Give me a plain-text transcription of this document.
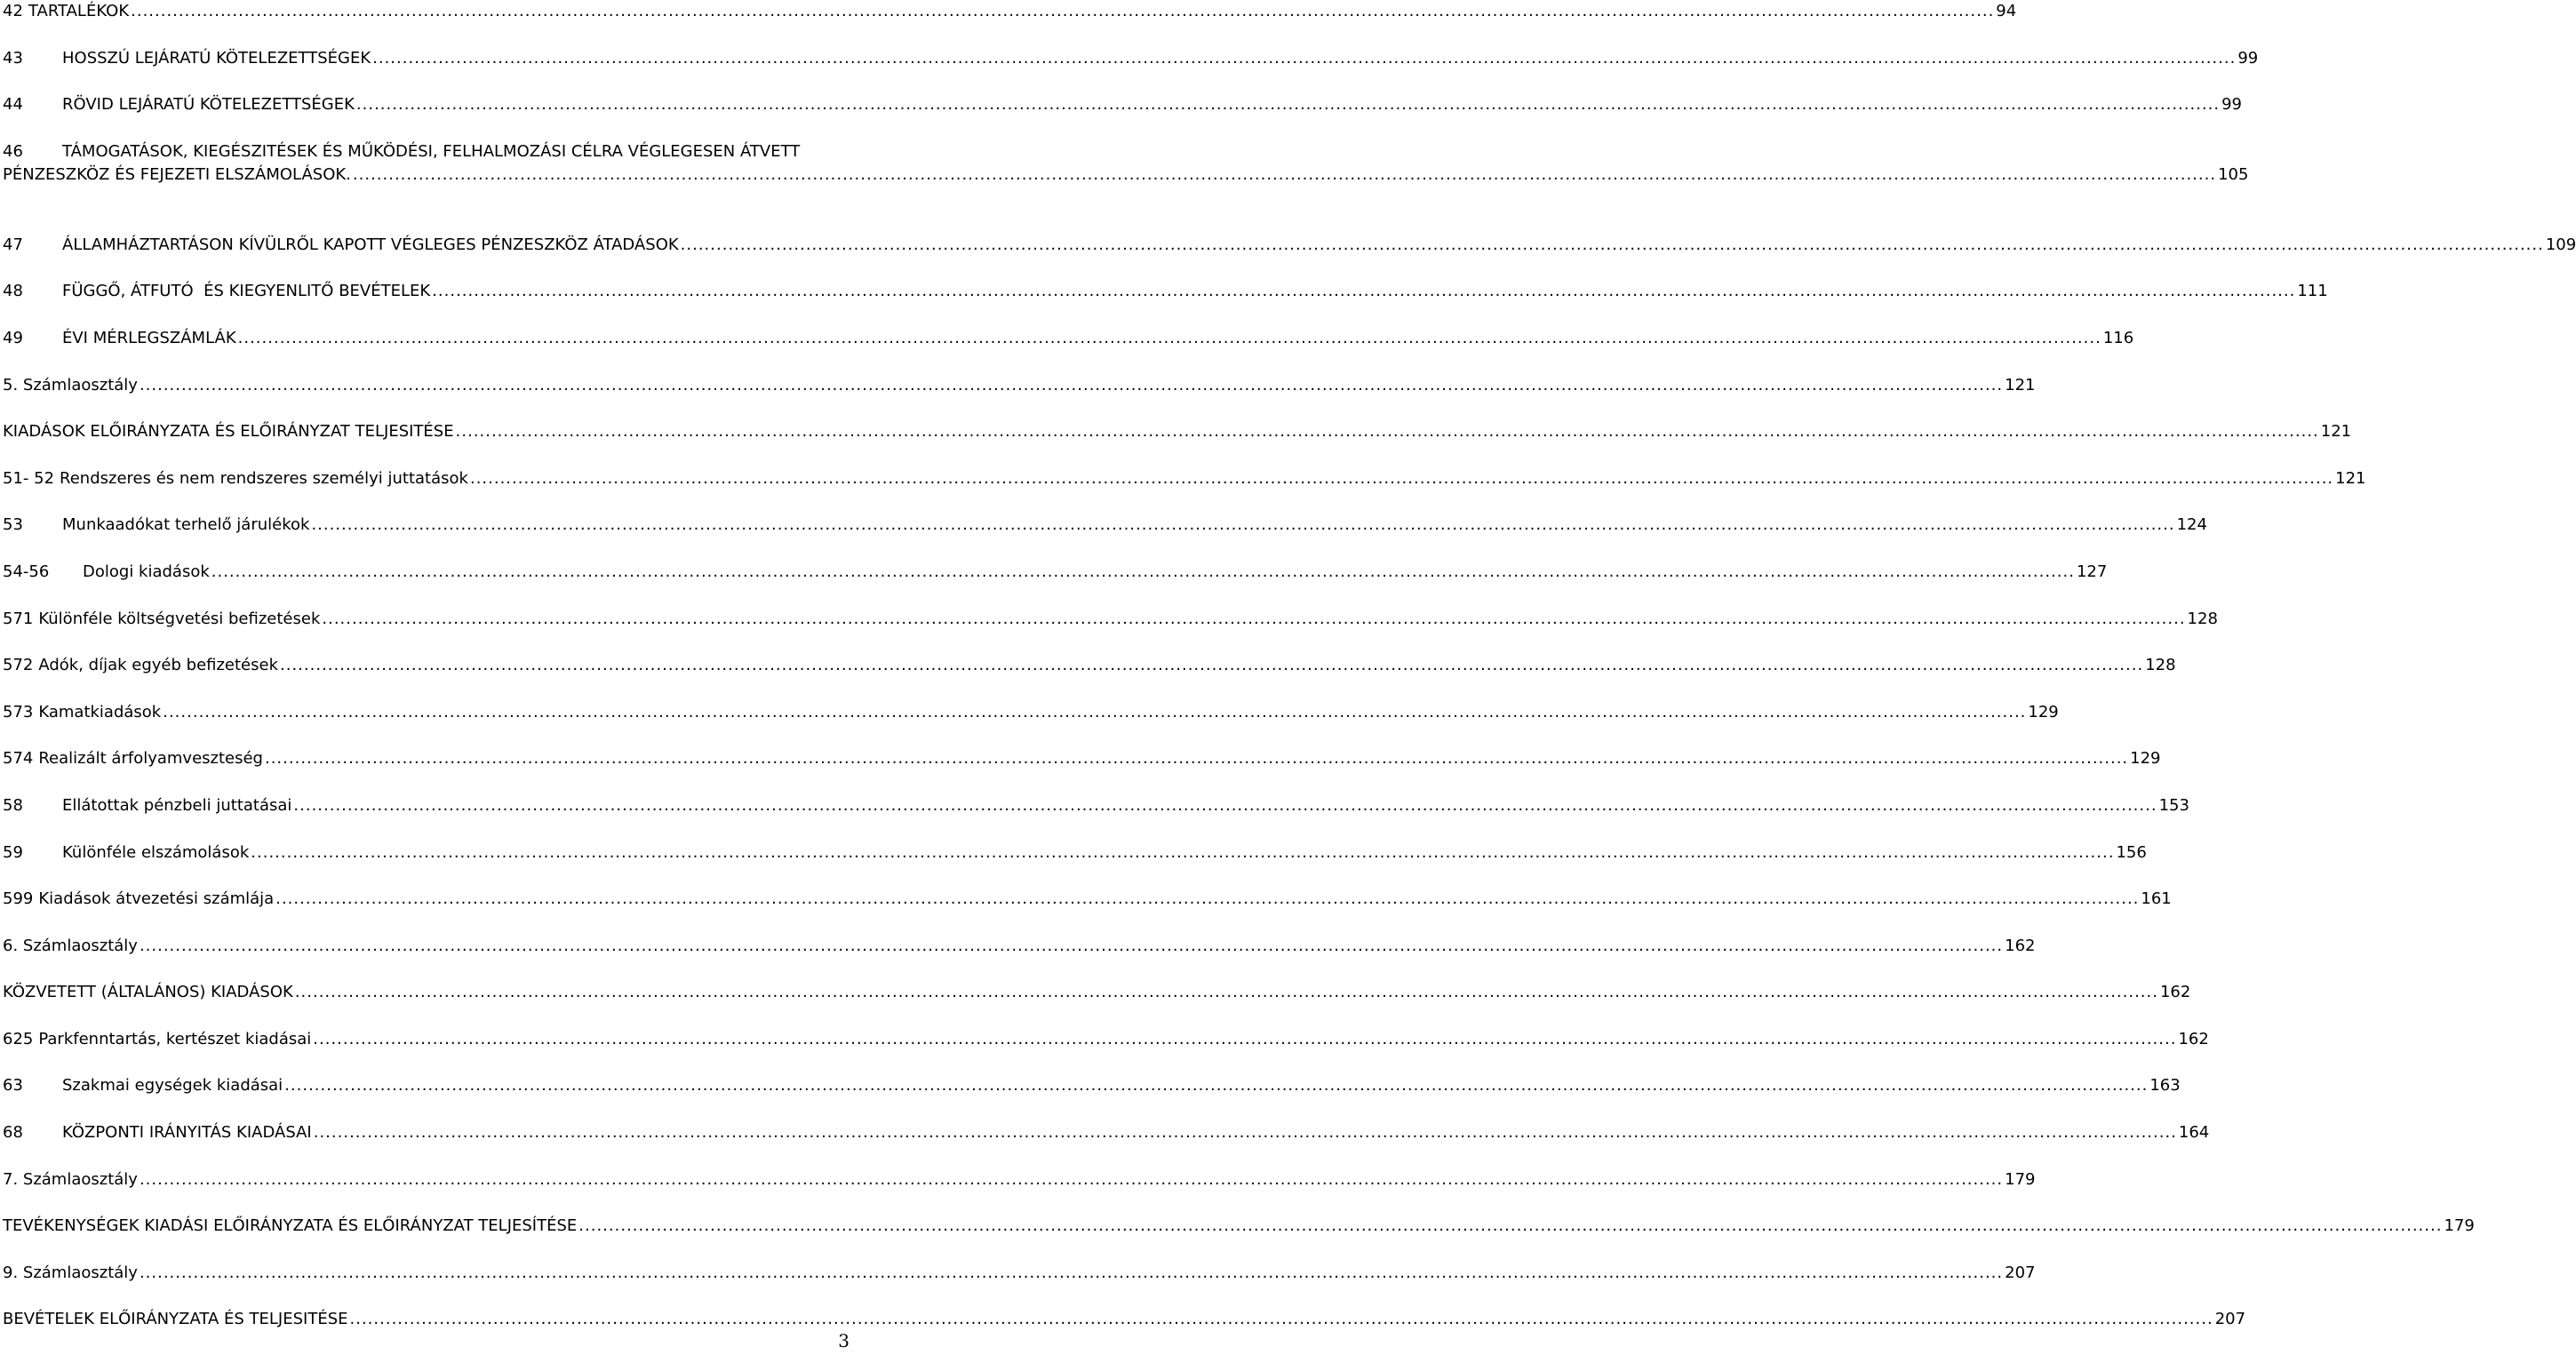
42 TARTALÉKOK .....	94
43	HOSSZÚ LEJÁRATÚ KÖTELEZETTSÉGEK .....	99
44	RÖVID LEJÁRATÚ KÖTELEZETTSÉGEK .....	99
46	TÁMOGATÁSOK, KIEGÉSZITÉSEK ÉS MŰKÖDÉSI, FELHALMOZÁSI CÉLRA VÉGLEGESEN ÁTVETT
PÉNZESZKÖZ ÉS FEJEZETI ELSZÁMOLÁSOK. .....	105
47	ÁLLAMHÁZTARTÁSON KÍVÜLRŐL KAPOTT VÉGLEGES PÉNZESZKÖZ ÁTADÁSOK .....	109
48	FÜGGŐ, ÁTFUTÓ  ÉS KIEGYENLITŐ BEVÉTELEK .....	111
49	ÉVI MÉRLEGSZÁMLÁK .....	116
5. Számlaosztály .....	121
KIADÁSOK ELŐIRÁNYZATA ÉS ELŐIRÁNYZAT TELJESITÉSE .....	121
51- 52 Rendszeres és nem rendszeres személyi juttatások .....	121
53	Munkaadókat terhelő járulékok .....	124
54-56	Dologi kiadások .....	127
571 Különféle költségvetési befizetések .....	128
572 Adók, díjak egyéb befizetések .....	128
573 Kamatkiadások .....	129
574 Realizált árfolyamveszteség .....	129
58	Ellátottak pénzbeli juttatásai .....	153
59	Különféle elszámolások .....	156
599 Kiadások átvezetési számlája .....	161
6. Számlaosztály .....	162
KÖZVETETT (ÁLTALÁNOS) KIADÁSOK .....	162
625 Parkfenntartás, kertészet kiadásai .....	162
63	Szakmai egységek kiadásai .....	163
68	KÖZPONTI IRÁNYITÁS KIADÁSAI .....	164
7. Számlaosztály .....	179
TEVÉKENYSÉGEK KIADÁSI ELŐIRÁNYZATA ÉS ELŐIRÁNYZAT TELJESÍTÉSE .....	179
9. Számlaosztály .....	207
BEVÉTELEK ELŐIRÁNYZATA ÉS TELJESITÉSE .....	207
3
